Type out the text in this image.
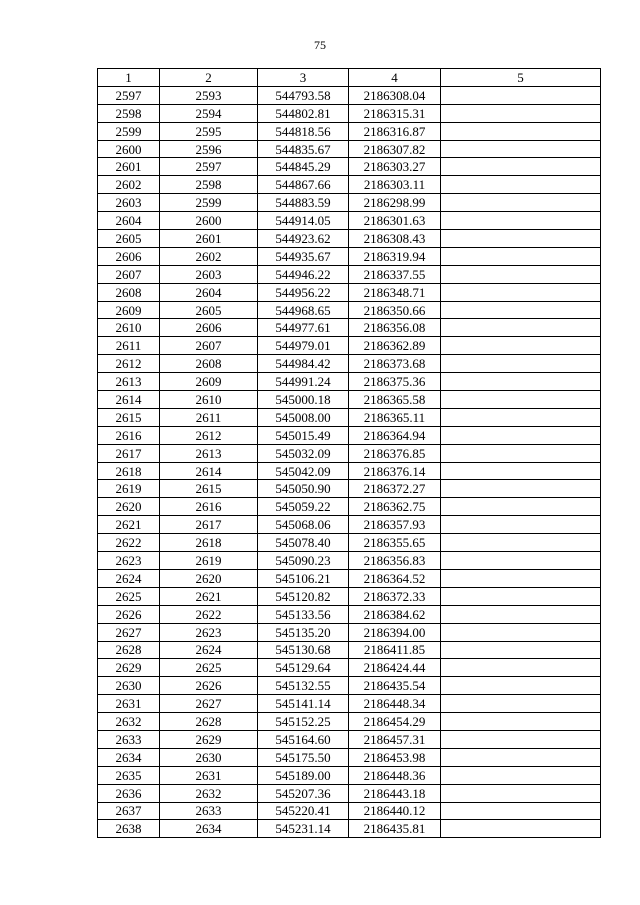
75
1	2	3	4	5
2597	2593	544793.58	2186308.04	
2598	2594	544802.81	2186315.31	
2599	2595	544818.56	2186316.87	
2600	2596	544835.67	2186307.82	
2601	2597	544845.29	2186303.27	
2602	2598	544867.66	2186303.11	
2603	2599	544883.59	2186298.99	
2604	2600	544914.05	2186301.63	
2605	2601	544923.62	2186308.43	
2606	2602	544935.67	2186319.94	
2607	2603	544946.22	2186337.55	
2608	2604	544956.22	2186348.71	
2609	2605	544968.65	2186350.66	
2610	2606	544977.61	2186356.08	
2611	2607	544979.01	2186362.89	
2612	2608	544984.42	2186373.68	
2613	2609	544991.24	2186375.36	
2614	2610	545000.18	2186365.58	
2615	2611	545008.00	2186365.11	
2616	2612	545015.49	2186364.94	
2617	2613	545032.09	2186376.85	
2618	2614	545042.09	2186376.14	
2619	2615	545050.90	2186372.27	
2620	2616	545059.22	2186362.75	
2621	2617	545068.06	2186357.93	
2622	2618	545078.40	2186355.65	
2623	2619	545090.23	2186356.83	
2624	2620	545106.21	2186364.52	
2625	2621	545120.82	2186372.33	
2626	2622	545133.56	2186384.62	
2627	2623	545135.20	2186394.00	
2628	2624	545130.68	2186411.85	
2629	2625	545129.64	2186424.44	
2630	2626	545132.55	2186435.54	
2631	2627	545141.14	2186448.34	
2632	2628	545152.25	2186454.29	
2633	2629	545164.60	2186457.31	
2634	2630	545175.50	2186453.98	
2635	2631	545189.00	2186448.36	
2636	2632	545207.36	2186443.18	
2637	2633	545220.41	2186440.12	
2638	2634	545231.14	2186435.81	
